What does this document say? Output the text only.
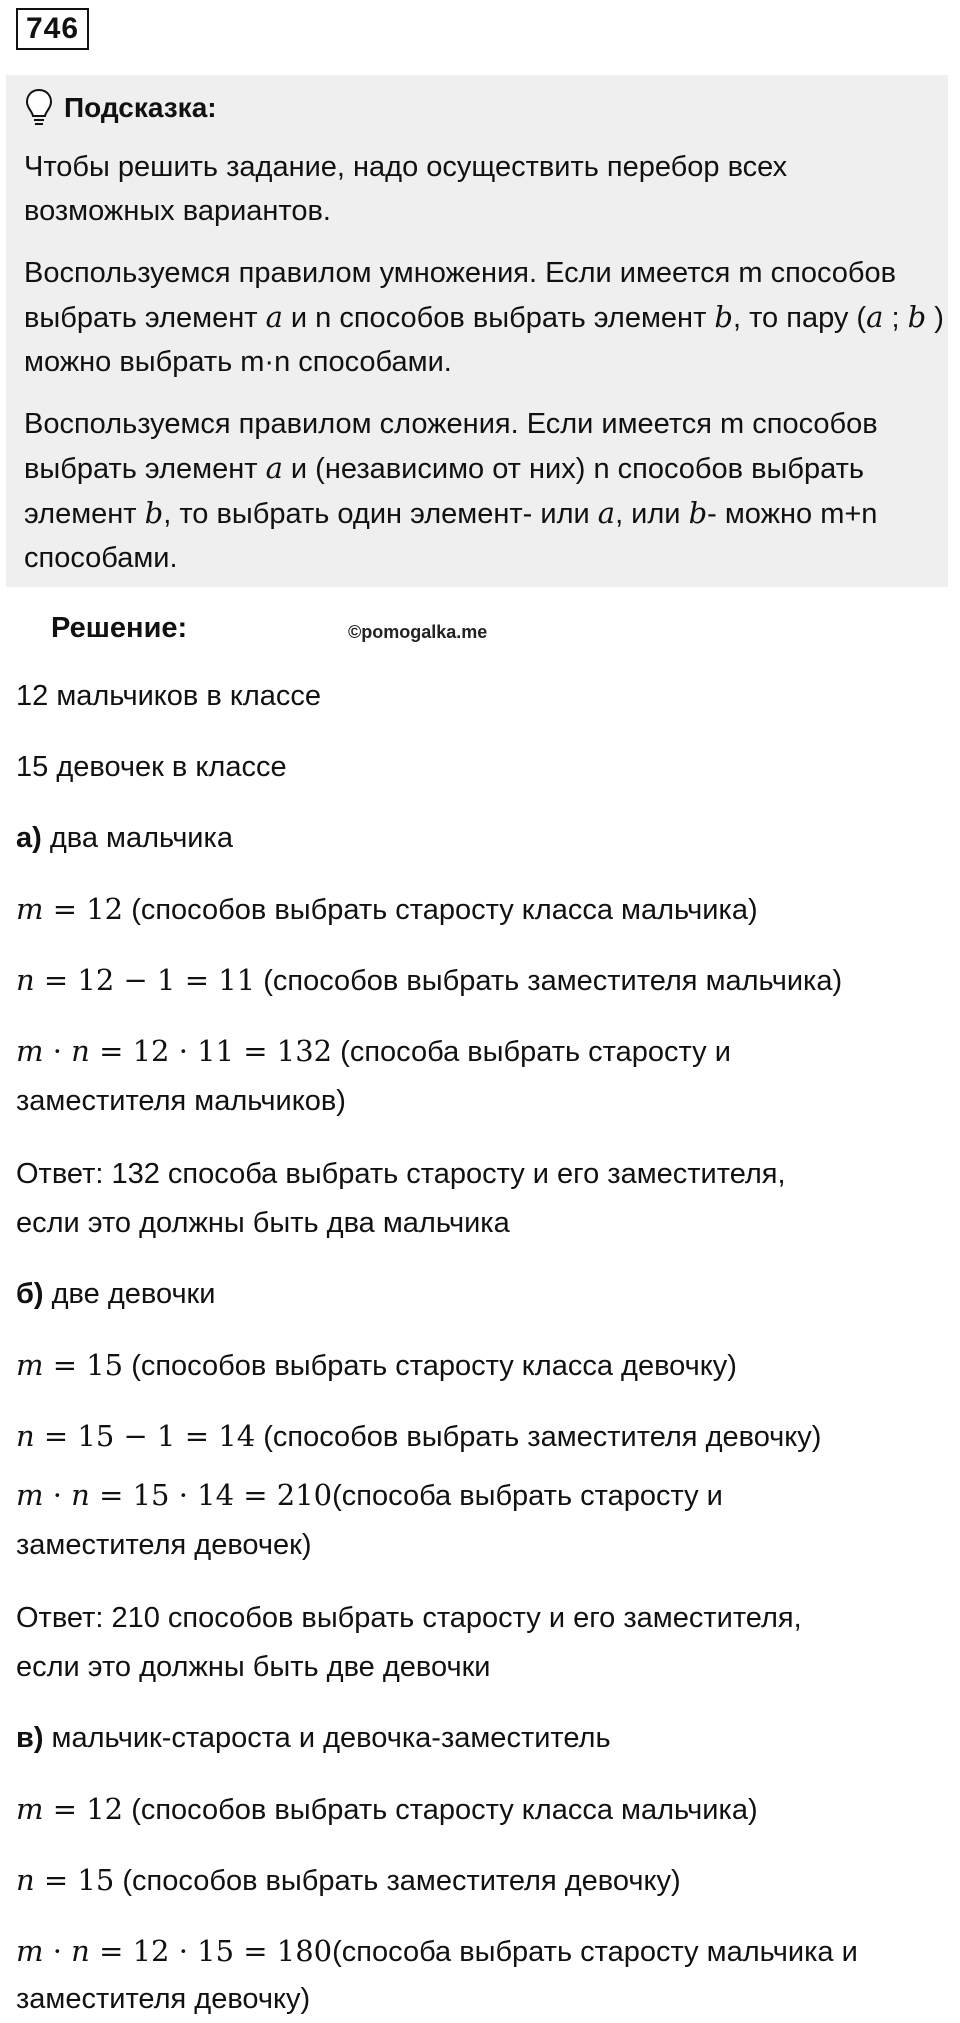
746
Подсказка:

Чтобы решить задание, надо осуществить перебор всех возможных вариантов.

Воспользуемся правилом умножения. Если имеется m способов выбрать элемент a и n способов выбрать элемент b, то пару (a ; b ) можно выбрать m·n способами.

Воспользуемся правилом сложения. Если имеется m способов выбрать элемент a и (независимо от них) n способов выбрать элемент b, то выбрать один элемент- или a, или b- можно m+n способами.

Решение:	©pomogalka.me
12 мальчиков в классе
15 девочек в классе
а) два мальчика
m = 12 (способов выбрать старосту класса мальчика)
n = 12 − 1 = 11 (способов выбрать заместителя мальчика)
m · n = 12 · 11 = 132 (способа выбрать старосту и
заместителя мальчиков)
Ответ: 132 способа выбрать старосту и его заместителя,
если это должны быть два мальчика
б) две девочки
m = 15 (способов выбрать старосту класса девочку)
n = 15 − 1 = 14 (способов выбрать заместителя девочку)
m · n = 15 · 14 = 210(способа выбрать старосту и
заместителя девочек)
Ответ: 210 способов выбрать старосту и его заместителя,
если это должны быть две девочки
в) мальчик-староста и девочка-заместитель
m = 12 (способов выбрать старосту класса мальчика)
n = 15 (способов выбрать заместителя девочку)
m · n = 12 · 15 = 180(способа выбрать старосту мальчика и
заместителя девочку)
